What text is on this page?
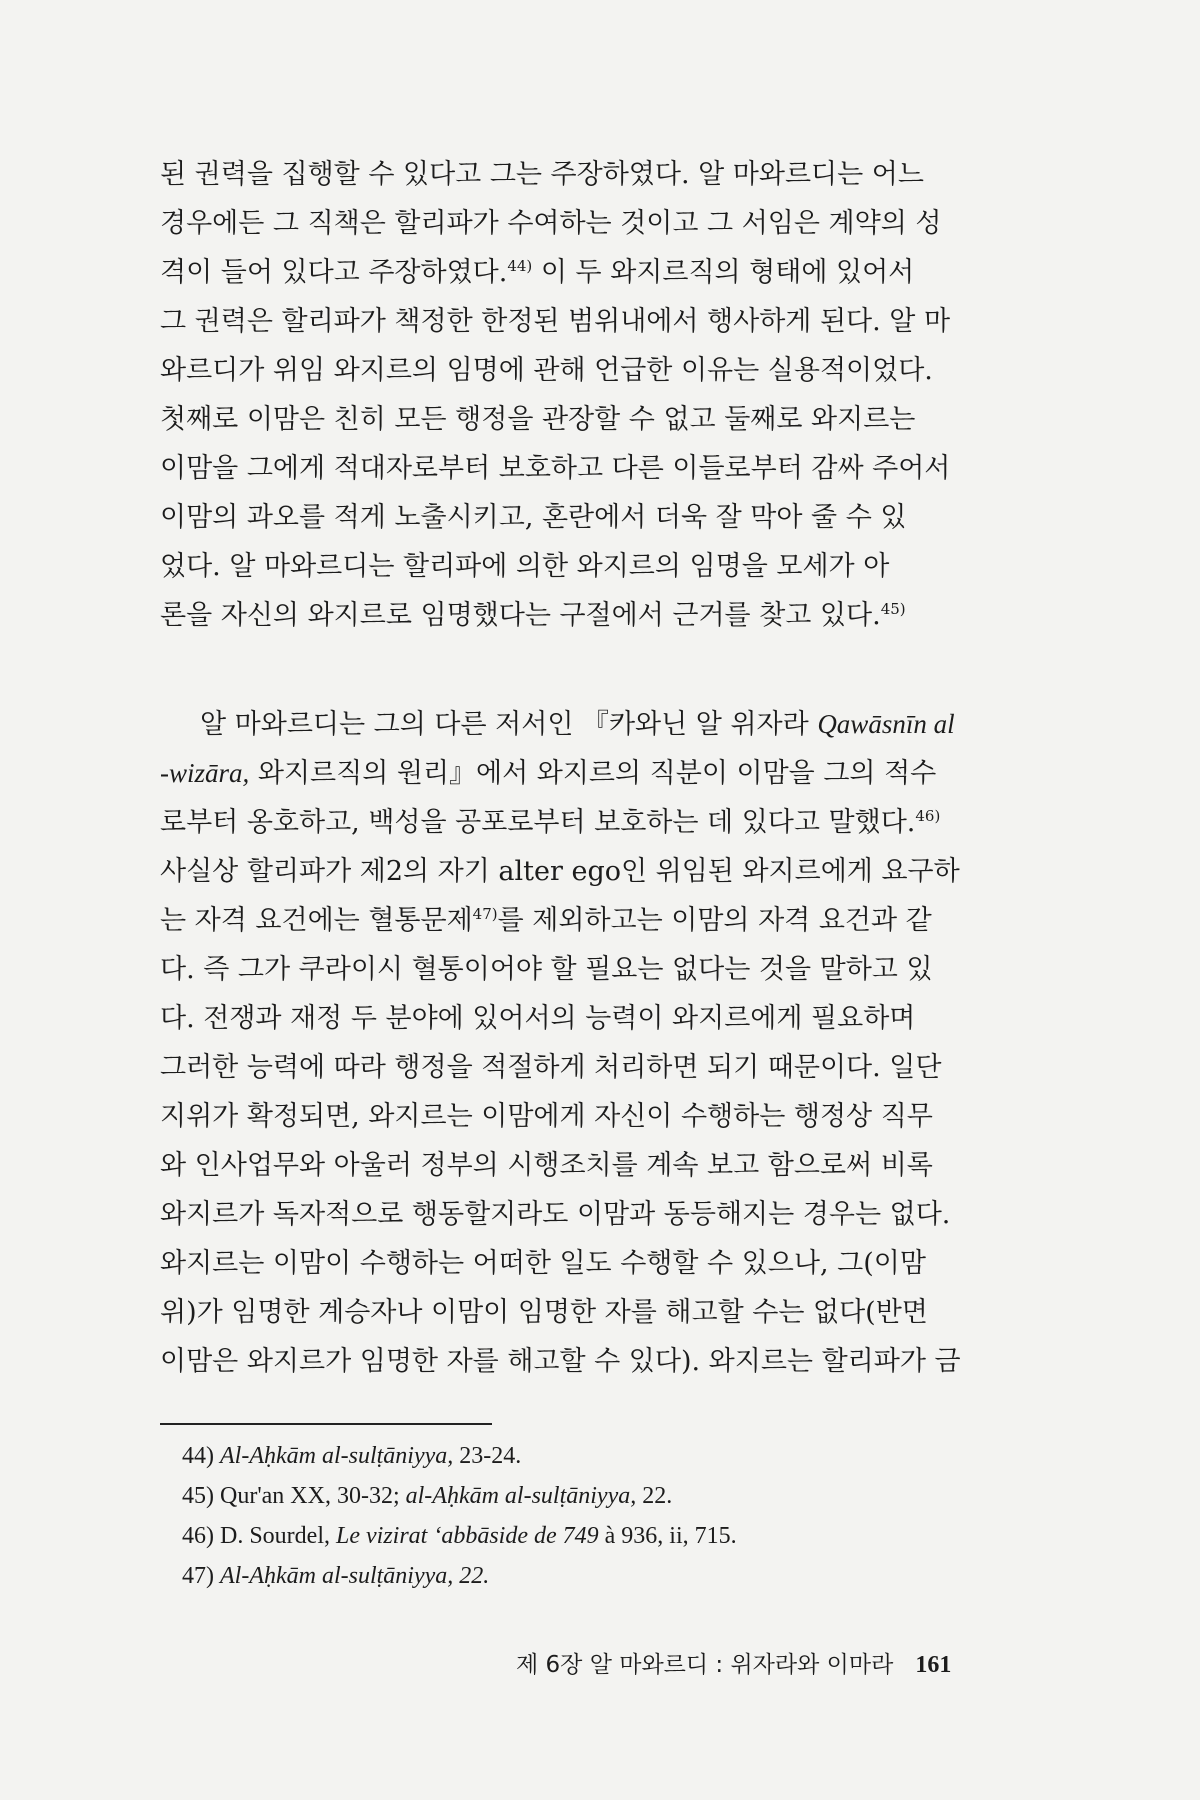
된 권력을 집행할 수 있다고 그는 주장하였다. 알 마와르디는 어느
경우에든 그 직책은 할리파가 수여하는 것이고 그 서임은 계약의 성
격이 들어 있다고 주장하였다.$^{44)}$ 이 두 와지르직의 형태에 있어서
그 권력은 할리파가 책정한 한정된 범위내에서 행사하게 된다. 알 마
와르디가 위임 와지르의 임명에 관해 언급한 이유는 실용적이었다.
첫째로 이맘은 친히 모든 행정을 관장할 수 없고 둘째로 와지르는
이맘을 그에게 적대자로부터 보호하고 다른 이들로부터 감싸 주어서
이맘의 과오를 적게 노출시키고, 혼란에서 더욱 잘 막아 줄 수 있
었다. 알 마와르디는 할리파에 의한 와지르의 임명을 모세가 아
론을 자신의 와지르로 임명했다는 구절에서 근거를 찾고 있다.$^{45)}$
알 마와르디는 그의 다른 저서인 『카와닌 알 위자라 Qawāsnīn al
-wizāra, 와지르직의 원리』에서 와지르의 직분이 이맘을 그의 적수
로부터 옹호하고, 백성을 공포로부터 보호하는 데 있다고 말했다.$^{46)}$
사실상 할리파가 제2의 자기 alter ego인 위임된 와지르에게 요구하
는 자격 요건에는 혈통문제$^{47)}$를 제외하고는 이맘의 자격 요건과 같
다. 즉 그가 쿠라이시 혈통이어야 할 필요는 없다는 것을 말하고 있
다. 전쟁과 재정 두 분야에 있어서의 능력이 와지르에게 필요하며
그러한 능력에 따라 행정을 적절하게 처리하면 되기 때문이다. 일단
지위가 확정되면, 와지르는 이맘에게 자신이 수행하는 행정상 직무
와 인사업무와 아울러 정부의 시행조치를 계속 보고 함으로써 비록
와지르가 독자적으로 행동할지라도 이맘과 동등해지는 경우는 없다.
와지르는 이맘이 수행하는 어떠한 일도 수행할 수 있으나, 그(이맘
위)가 임명한 계승자나 이맘이 임명한 자를 해고할 수는 없다(반면
이맘은 와지르가 임명한 자를 해고할 수 있다). 와지르는 할리파가 금
44) Al-Aḥkām al-sulṭāniyya, 23-24.
45) Qur'an XX, 30-32; al-Aḥkām al-sulṭāniyya, 22.
46) D. Sourdel, Le vizirat ‘abbāside de 749 à 936, ii, 715.
47) Al-Aḥkām al-sulṭāniyya, 22.
제 6장 알 마와르디 : 위자라와 이마라 161
